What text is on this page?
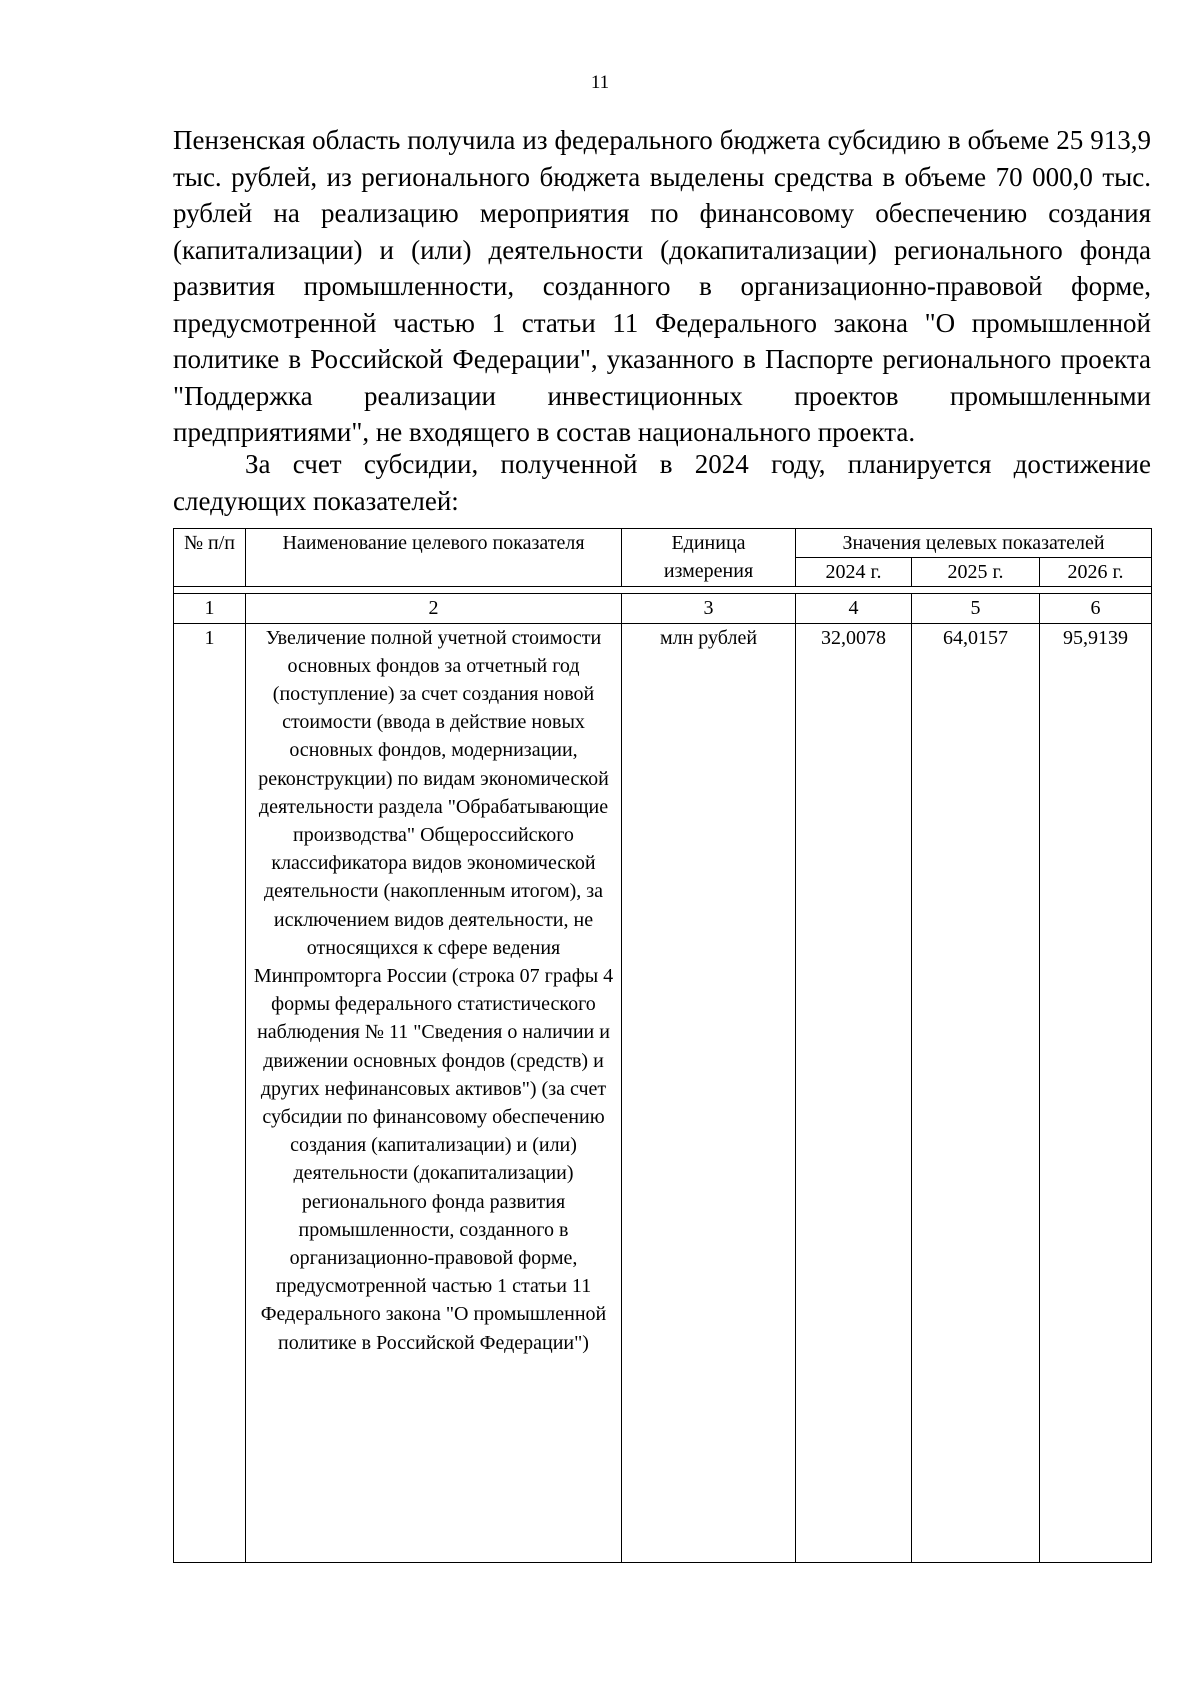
11

Пензенская область получила из федерального бюджета субсидию в объеме 25 913,9 тыс. рублей, из регионального бюджета выделены средства в объеме 70 000,0 тыс. рублей на реализацию мероприятия по финансовому обеспечению создания (капитализации) и (или) деятельности (докапитализации) регионального фонда развития промышленности, созданного в организационно-правовой форме, предусмотренной частью 1 статьи 11 Федерального закона "О промышленной политике в Российской Федерации", указанного в Паспорте регионального проекта "Поддержка реализации инвестиционных проектов промышленными предприятиями", не входящего в состав национального проекта.

За счет субсидии, полученной в 2024 году, планируется достижение следующих показателей:

№ п/п	Наименование целевого показателя	Единица измерения	Значения целевых показателей		
			2024 г.	2025 г.	2026 г.

1	2	3	4	5	6
1	Увеличение полной учетной стоимости основных фондов за отчетный год (поступление) за счет создания новой стоимости (ввода в действие новых основных фондов, модернизации, реконструкции) по видам экономической деятельности раздела "Обрабатывающие производства" Общероссийского классификатора видов экономической деятельности (накопленным итогом), за исключением видов деятельности, не относящихся к сфере ведения Минпромторга России (строка 07 графы 4 формы федерального статистического наблюдения № 11 "Сведения о наличии и движении основных фондов (средств) и других нефинансовых активов") (за счет субсидии по финансовому обеспечению создания (капитализации) и (или) деятельности (докапитализации) регионального фонда развития промышленности, созданного в организационно-правовой форме, предусмотренной частью 1 статьи 11 Федерального закона "О промышленной политике в Российской Федерации")	млн рублей	32,0078	64,0157	95,9139
